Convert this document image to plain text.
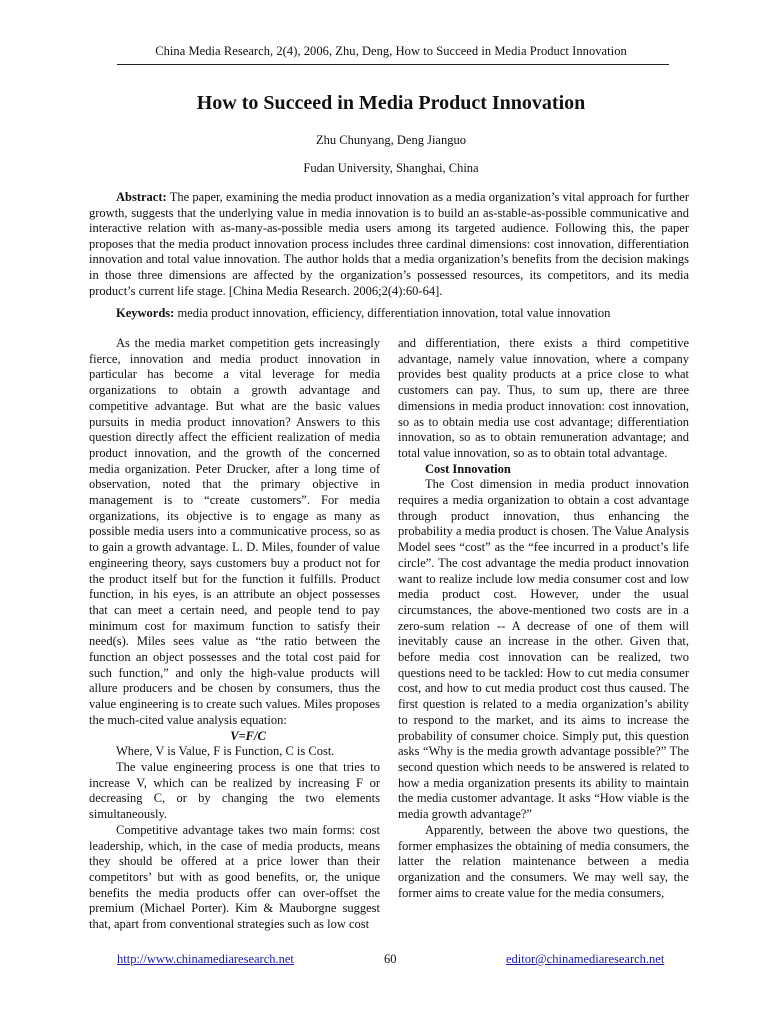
China Media Research, 2(4), 2006, Zhu, Deng, How to Succeed in Media Product Innovation
How to Succeed in Media Product Innovation
Zhu Chunyang, Deng Jianguo
Fudan University, Shanghai, China

Abstract: The paper, examining the media product innovation as a media organization’s vital approach for further growth, suggests that the underlying value in media innovation is to build an as-stable-as-possible communicative and interactive relation with as-many-as-possible media users among its targeted audience. Following this, the paper proposes that the media product innovation process includes three cardinal dimensions: cost innovation, differentiation innovation and total value innovation. The author holds that a media organization’s benefits from the decision makings in those three dimensions are affected by the organization’s possessed resources, its competitors, and its media product’s current life stage. [China Media Research. 2006;2(4):60-64].

Keywords: media product innovation, efficiency, differentiation innovation, total value innovation

As the media market competition gets increasingly fierce, innovation and media product innovation in particular has become a vital leverage for media organizations to obtain a growth advantage and competitive advantage. But what are the basic values pursuits in media product innovation? Answers to this question directly affect the efficient realization of media product innovation, and the growth of the concerned media organization. Peter Drucker, after a long time of observation, noted that the primary objective in management is to “create customers”. For media organizations, its objective is to engage as many as possible media users into a communicative process, so as to gain a growth advantage. L. D. Miles, founder of value engineering theory, says customers buy a product not for the product itself but for the function it fulfills. Product function, in his eyes, is an attribute an object possesses that can meet a certain need, and people tend to pay minimum cost for maximum function to satisfy their need(s). Miles sees value as “the ratio between the function an object possesses and the total cost paid for such function,” and only the high-value products will allure producers and be chosen by consumers, thus the value engineering is to create such values. Miles proposes the much-cited value analysis equation:

V=F/C

Where, V is Value, F is Function, C is Cost.

The value engineering process is one that tries to increase V, which can be realized by increasing F or decreasing C, or by changing the two elements simultaneously.

Competitive advantage takes two main forms: cost leadership, which, in the case of media products, means they should be offered at a price lower than their competitors’ but with as good benefits, or, the unique benefits the media products offer can over-offset the premium (Michael Porter). Kim & Mauborgne suggest that, apart from conventional strategies such as low cost

and differentiation, there exists a third competitive advantage, namely value innovation, where a company provides best quality products at a price close to what customers can pay. Thus, to sum up, there are three dimensions in media product innovation: cost innovation, so as to obtain media use cost advantage; differentiation innovation, so as to obtain remuneration advantage; and total value innovation, so as to obtain total advantage.

Cost Innovation

The Cost dimension in media product innovation requires a media organization to obtain a cost advantage through product innovation, thus enhancing the probability a media product is chosen. The Value Analysis Model sees “cost” as the “fee incurred in a product’s life circle”. The cost advantage the media product innovation want to realize include low media consumer cost and low media product cost. However, under the usual circumstances, the above-mentioned two costs are in a zero-sum relation -- A decrease of one of them will inevitably cause an increase in the other. Given that, before media cost innovation can be realized, two questions need to be tackled: How to cut media consumer cost, and how to cut media product cost thus caused. The first question is related to a media organization’s ability to respond to the market, and its aims to increase the probability of consumer choice. Simply put, this question asks “Why is the media growth advantage possible?” The second question which needs to be answered is related to how a media organization presents its ability to maintain the media customer advantage. It asks “How viable is the media growth advantage?”

Apparently, between the above two questions, the former emphasizes the obtaining of media consumers, the latter the relation maintenance between a media organization and the consumers. We may well say, the former aims to create value for the media consumers,

http://www.chinamediaresearch.net	60	editor@chinamediaresearch.net
